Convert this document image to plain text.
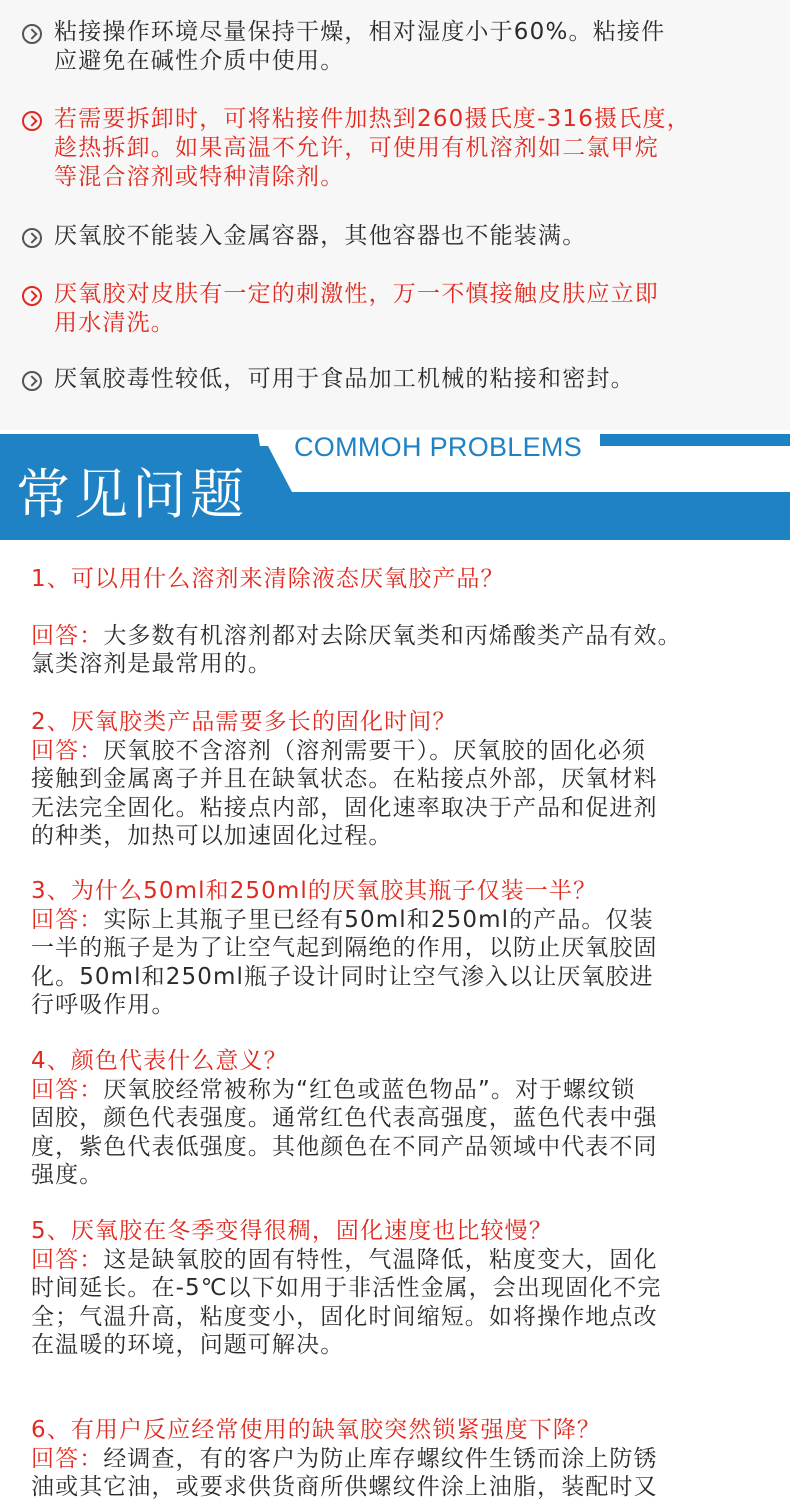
粘接操作环境尽量保持干燥，相对湿度小于60%。粘接件
应避免在碱性介质中使用。
若需要拆卸时，可将粘接件加热到260摄氏度-316摄氏度，
趁热拆卸。如果高温不允许，可使用有机溶剂如二氯甲烷
等混合溶剂或特种清除剂。
厌氧胶不能装入金属容器，其他容器也不能装满。
厌氧胶对皮肤有一定的刺激性，万一不慎接触皮肤应立即
用水清洗。
厌氧胶毒性较低，可用于食品加工机械的粘接和密封。
常见问题
COMMOH PROBLEMS
1、可以用什么溶剂来清除液态厌氧胶产品？
回答：大多数有机溶剂都对去除厌氧类和丙烯酸类产品有效。
氯类溶剂是最常用的。
2、厌氧胶类产品需要多长的固化时间？
回答：厌氧胶不含溶剂（溶剂需要干）。厌氧胶的固化必须
接触到金属离子并且在缺氧状态。在粘接点外部，厌氧材料
无法完全固化。粘接点内部，固化速率取决于产品和促进剂
的种类，加热可以加速固化过程。
3、为什么50ml和250ml的厌氧胶其瓶子仅装一半？
回答：实际上其瓶子里已经有50ml和250ml的产品。仅装
一半的瓶子是为了让空气起到隔绝的作用，以防止厌氧胶固
化。50ml和250ml瓶子设计同时让空气渗入以让厌氧胶进
行呼吸作用。
4、颜色代表什么意义？
回答：厌氧胶经常被称为“红色或蓝色物品”。对于螺纹锁
固胶，颜色代表强度。通常红色代表高强度，蓝色代表中强
度，紫色代表低强度。其他颜色在不同产品领域中代表不同
强度。
5、厌氧胶在冬季变得很稠，固化速度也比较慢？
回答：这是缺氧胶的固有特性，气温降低，粘度变大，固化
时间延长。在-5℃以下如用于非活性金属，会出现固化不完
全；气温升高，粘度变小，固化时间缩短。如将操作地点改
在温暖的环境，问题可解决。
6、有用户反应经常使用的缺氧胶突然锁紧强度下降？
回答：经调查，有的客户为防止库存螺纹件生锈而涂上防锈
油或其它油，或要求供货商所供螺纹件涂上油脂，装配时又
